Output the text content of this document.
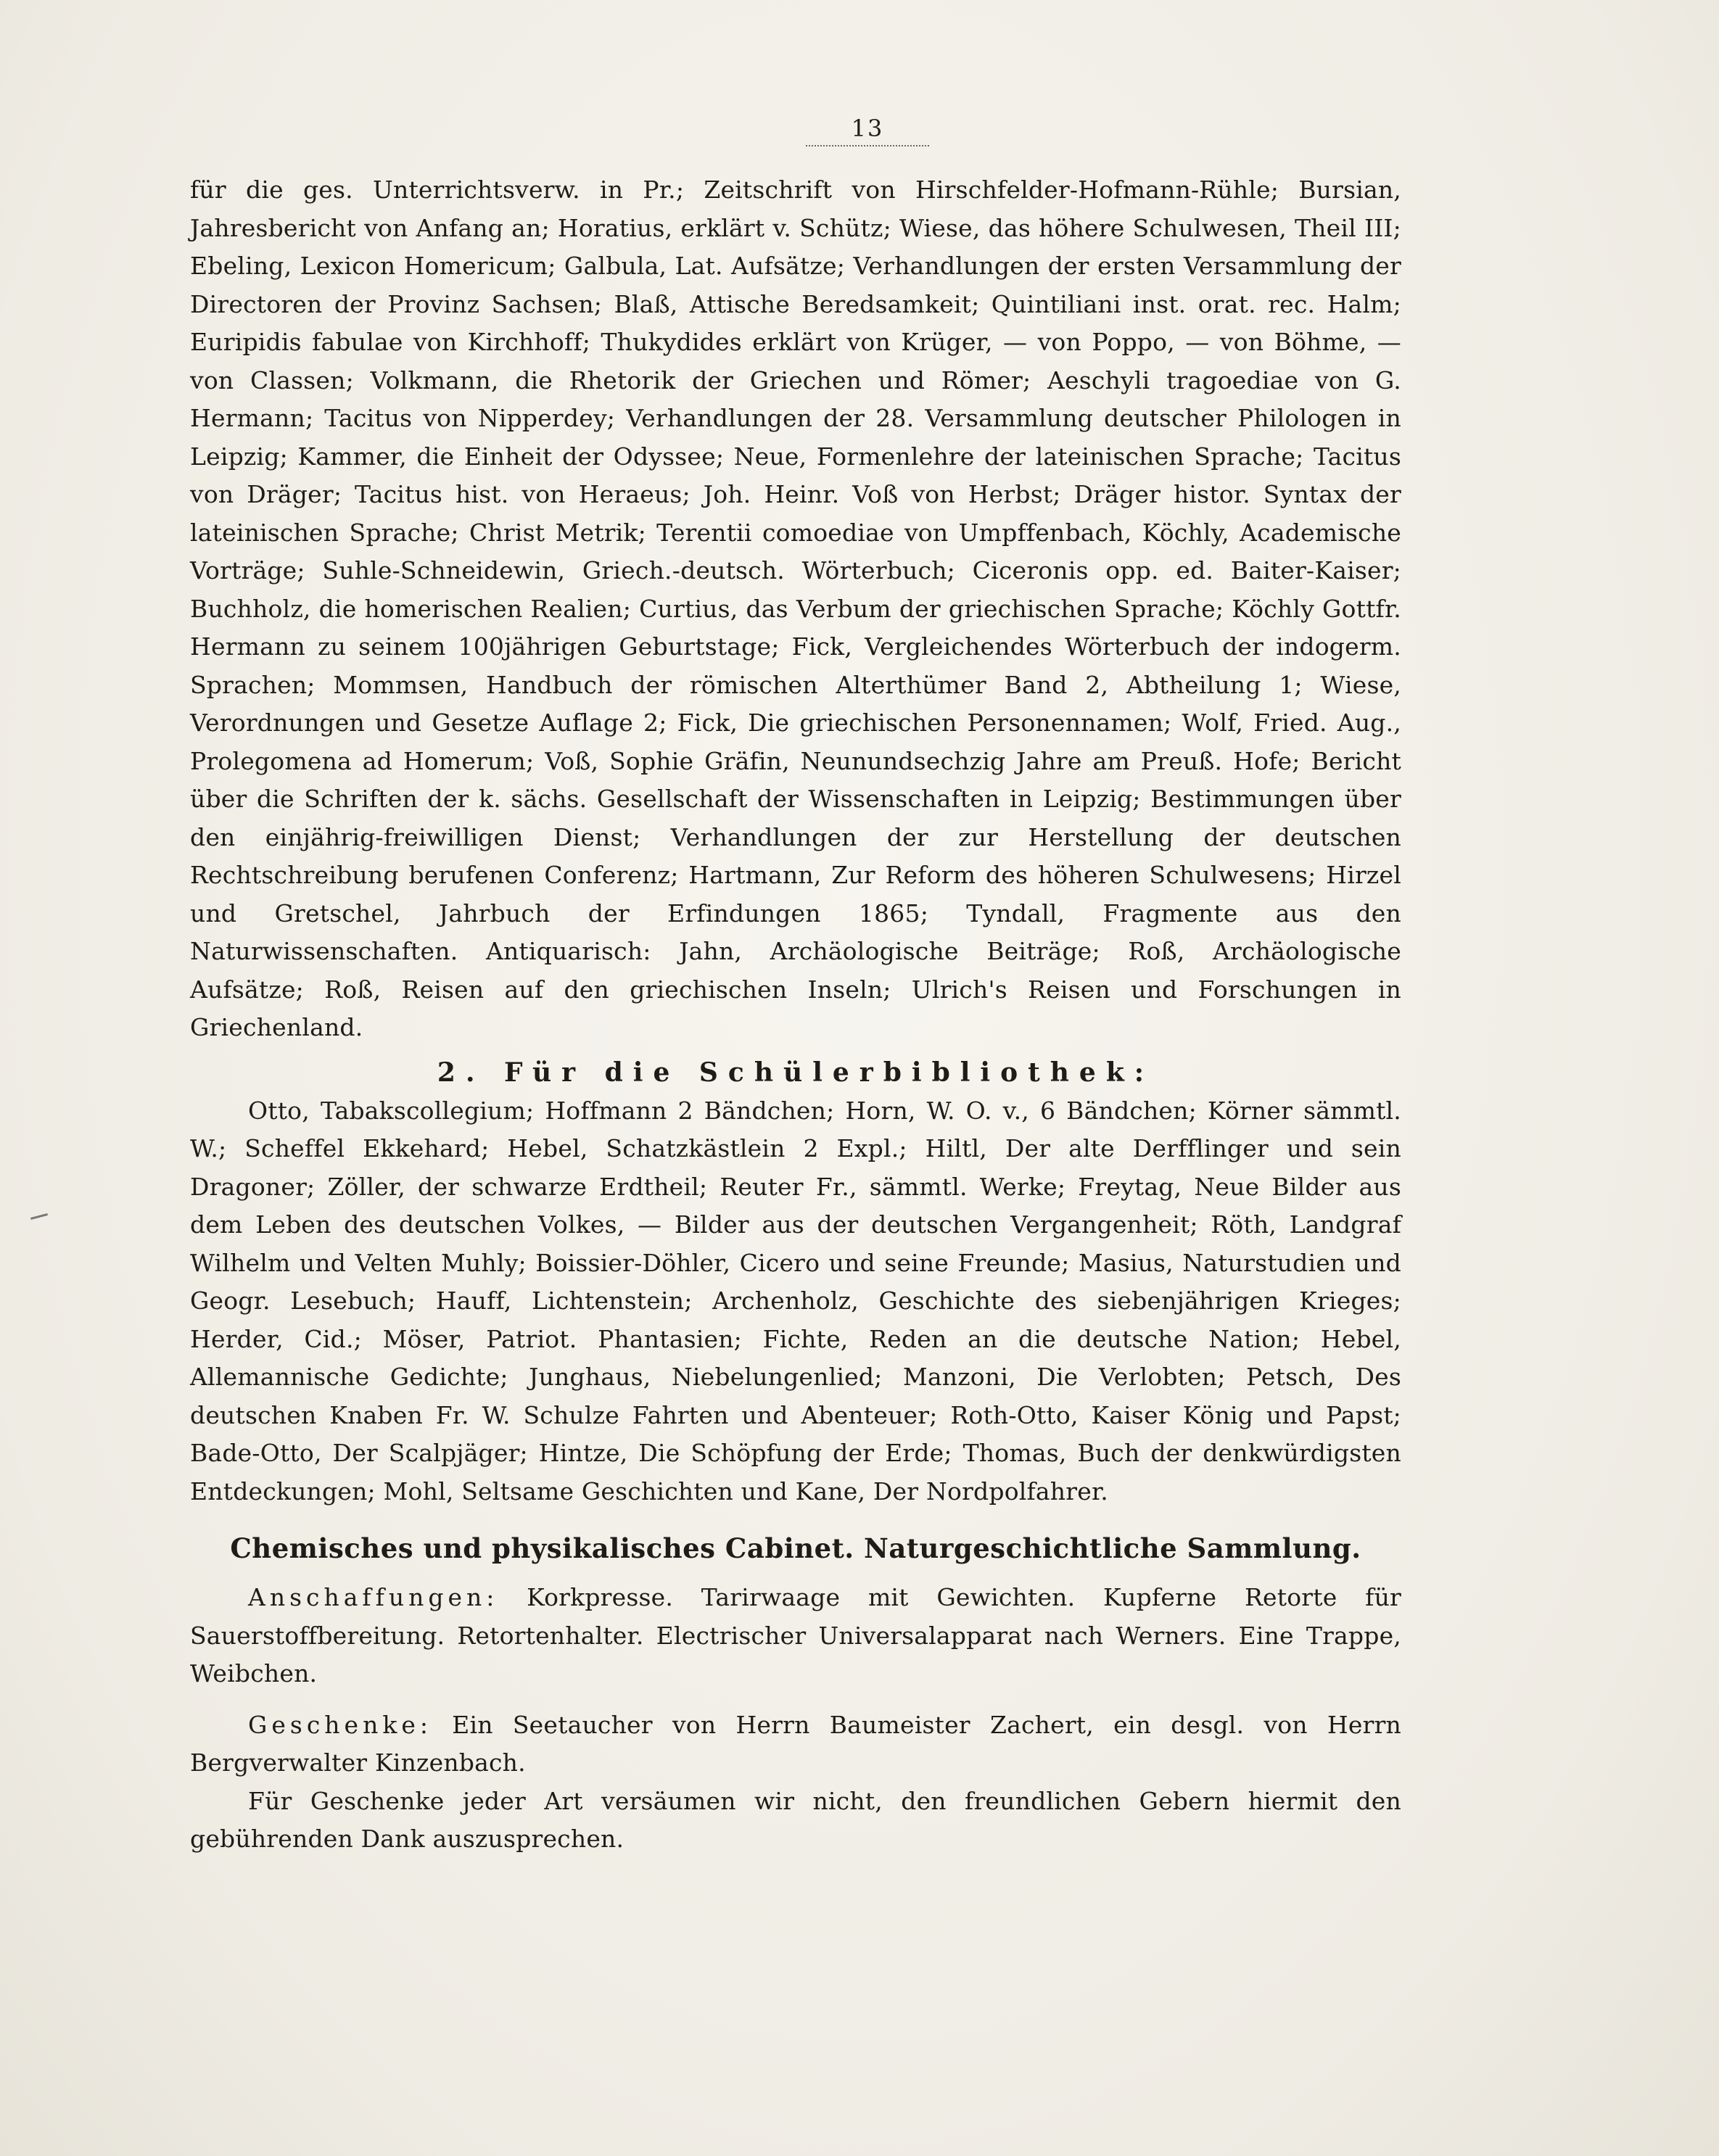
13

für die ges. Unterrichtsverw. in Pr.; Zeitschrift von Hirschfelder-Hofmann-Rühle; Bursian, Jahresbericht von Anfang an; Horatius, erklärt v. Schütz; Wiese, das höhere Schulwesen, Theil III; Ebeling, Lexicon Homericum; Galbula, Lat. Aufsätze; Verhandlungen der ersten Versammlung der Directoren der Provinz Sachsen; Blaß, Attische Beredsamkeit; Quintiliani inst. orat. rec. Halm; Euripidis fabulae von Kirchhoff; Thukydides erklärt von Krüger, — von Poppo, — von Böhme, — von Classen; Volkmann, die Rhetorik der Griechen und Römer; Aeschyli tragoediae von G. Hermann; Tacitus von Nipperdey; Verhandlungen der 28. Versammlung deutscher Philologen in Leipzig; Kammer, die Einheit der Odyssee; Neue, Formenlehre der lateinischen Sprache; Tacitus von Dräger; Tacitus hist. von Heraeus; Joh. Heinr. Voß von Herbst; Dräger histor. Syntax der lateinischen Sprache; Christ Metrik; Terentii comoediae von Umpffenbach, Köchly, Academische Vorträge; Suhle-Schneidewin, Griech.-deutsch. Wörterbuch; Ciceronis opp. ed. Baiter-Kaiser; Buchholz, die homerischen Realien; Curtius, das Verbum der griechischen Sprache; Köchly Gottfr. Hermann zu seinem 100jährigen Geburtstage; Fick, Vergleichendes Wörterbuch der indogerm. Sprachen; Mommsen, Handbuch der römischen Alterthümer Band 2, Abtheilung 1; Wiese, Verordnungen und Gesetze Auflage 2; Fick, Die griechischen Personennamen; Wolf, Fried. Aug., Prolegomena ad Homerum; Voß, Sophie Gräfin, Neunundsechzig Jahre am Preuß. Hofe; Bericht über die Schriften der k. sächs. Gesellschaft der Wissenschaften in Leipzig; Bestimmungen über den einjährig-freiwilligen Dienst; Verhandlungen der zur Herstellung der deutschen Rechtschreibung berufenen Conferenz; Hartmann, Zur Reform des höheren Schulwesens; Hirzel und Gretschel, Jahrbuch der Erfindungen 1865; Tyndall, Fragmente aus den Naturwissenschaften. Antiquarisch: Jahn, Archäologische Beiträge; Roß, Archäologische Aufsätze; Roß, Reisen auf den griechischen Inseln; Ulrich's Reisen und Forschungen in Griechenland.

2. Für die Schülerbibliothek:

Otto, Tabakscollegium; Hoffmann 2 Bändchen; Horn, W. O. v., 6 Bändchen; Körner sämmtl. W.; Scheffel Ekkehard; Hebel, Schatzkästlein 2 Expl.; Hiltl, Der alte Derfflinger und sein Dragoner; Zöller, der schwarze Erdtheil; Reuter Fr., sämmtl. Werke; Freytag, Neue Bilder aus dem Leben des deutschen Volkes, — Bilder aus der deutschen Vergangenheit; Röth, Landgraf Wilhelm und Velten Muhly; Boissier-Döhler, Cicero und seine Freunde; Masius, Naturstudien und Geogr. Lesebuch; Hauff, Lichtenstein; Archenholz, Geschichte des siebenjährigen Krieges; Herder, Cid.; Möser, Patriot. Phantasien; Fichte, Reden an die deutsche Nation; Hebel, Allemannische Gedichte; Junghaus, Niebelungenlied; Manzoni, Die Verlobten; Petsch, Des deutschen Knaben Fr. W. Schulze Fahrten und Abenteuer; Roth-Otto, Kaiser König und Papst; Bade-Otto, Der Scalpjäger; Hintze, Die Schöpfung der Erde; Thomas, Buch der denkwürdigsten Entdeckungen; Mohl, Seltsame Geschichten und Kane, Der Nordpolfahrer.

Chemisches und physikalisches Cabinet. Naturgeschichtliche Sammlung.

Anschaffungen: Korkpresse. Tarirwaage mit Gewichten. Kupferne Retorte für Sauerstoffbereitung. Retortenhalter. Electrischer Universalapparat nach Werners. Eine Trappe, Weibchen.

Geschenke: Ein Seetaucher von Herrn Baumeister Zachert, ein desgl. von Herrn Bergverwalter Kinzenbach.

Für Geschenke jeder Art versäumen wir nicht, den freundlichen Gebern hiermit den gebührenden Dank auszusprechen.
